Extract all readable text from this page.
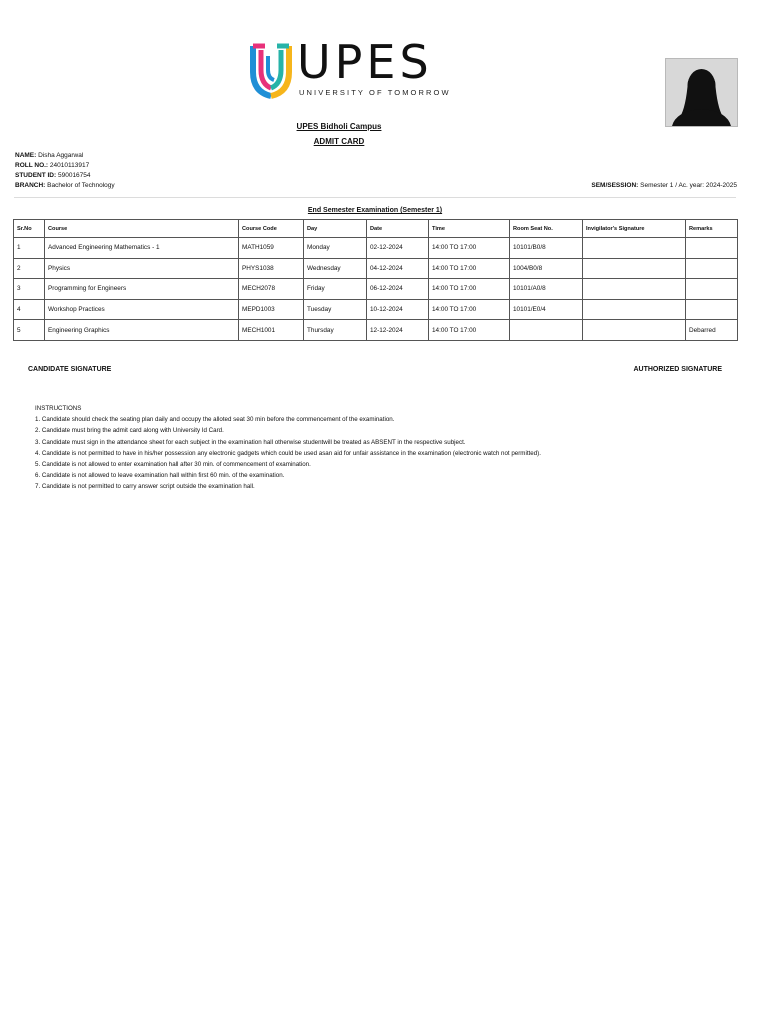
UPES
UNIVERSITY OF TOMORROW
UPES Bidholi Campus
ADMIT CARD
NAME: Disha Aggarwal
ROLL NO.: 24010113917
STUDENT ID: 590016754
BRANCH: Bachelor of Technology	SEM/SESSION: Semester 1 / Ac. year: 2024-2025
End Semester Examination (Semester 1)
Sr.No	Course	Course Code	Day	Date	Time	Room Seat No.	Invigilator's Signature	Remarks
1	Advanced Engineering Mathematics - 1	MATH1059	Monday	02-12-2024	14:00 TO 17:00	10101/B0/8		
2	Physics	PHYS1038	Wednesday	04-12-2024	14:00 TO 17:00	1004/B0/8		
3	Programming for Engineers	MECH2078	Friday	06-12-2024	14:00 TO 17:00	10101/A0/8		
4	Workshop Practices	MEPD1003	Tuesday	10-12-2024	14:00 TO 17:00	10101/E0/4		
5	Engineering Graphics	MECH1001	Thursday	12-12-2024	14:00 TO 17:00			Debarred
CANDIDATE SIGNATURE	AUTHORIZED SIGNATURE
INSTRUCTIONS
1. Candidate should check the seating plan daily and occupy the alloted seat 30 min before the commencement of the examination.
2. Candidate must bring the admit card along with University Id Card.
3. Candidate must sign in the attendance sheet for each subject in the examination hall otherwise studentwill be treated as ABSENT in the respective subject.
4. Candidate is not permitted to have in his/her possession any electronic gadgets which could be used asan aid for unfair assistance in the examination (electronic watch not permitted).
5. Candidate is not allowed to enter examination hall after 30 min. of commencement of examination.
6. Candidate is not allowed to leave examination hall within first 60 min. of the examination.
7. Candidate is not permitted to carry answer script outside the examination hall.
